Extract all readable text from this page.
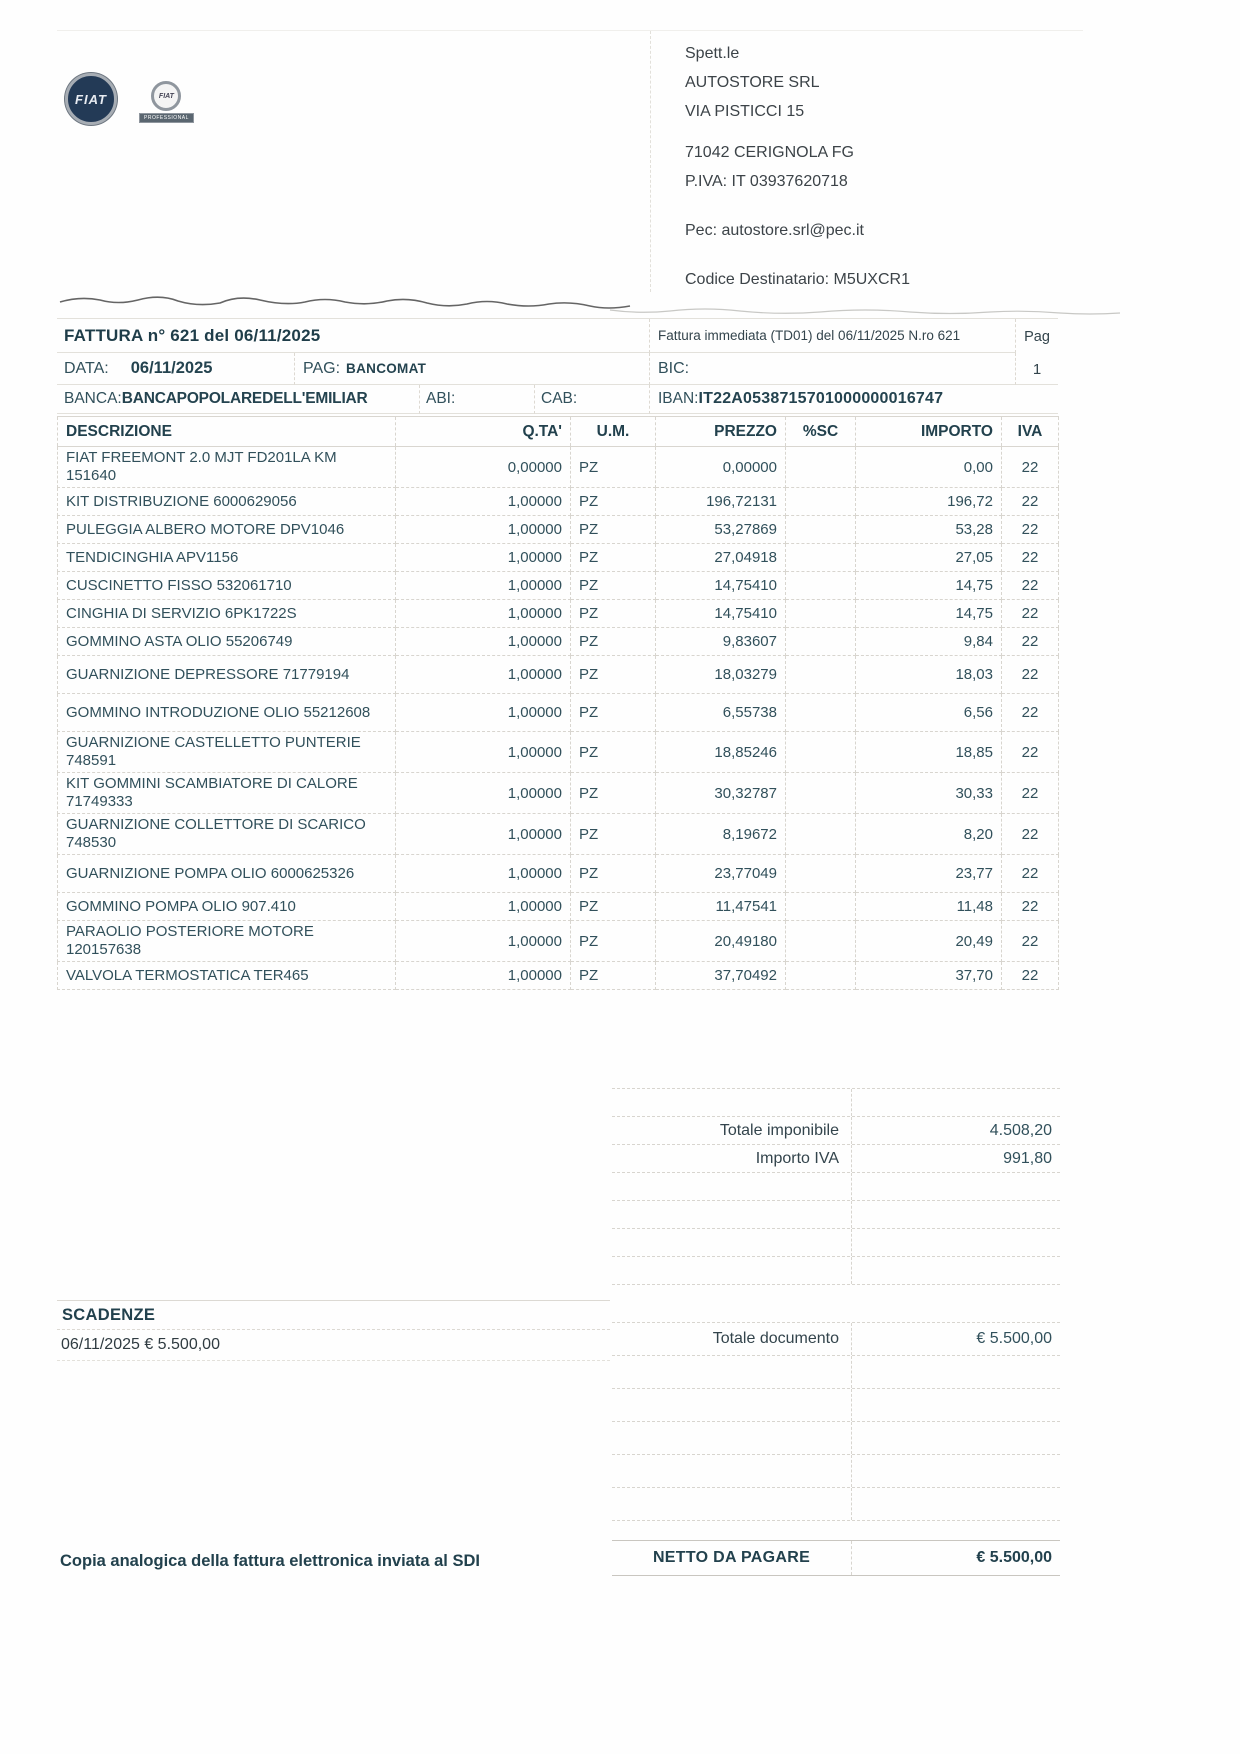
FIAT	FIAT
PROFESSIONAL
Spett.le
AUTOSTORE SRL
VIA PISTICCI 15
71042 CERIGNOLA FG
P.IVA: IT 03937620718
Pec: autostore.srl@pec.it
Codice Destinatario: M5UXCR1
FATTURA n° 621 del 06/11/2025	Fattura immediata (TD01) del 06/11/2025 N.ro 621
DATA: 06/11/2025	PAG: BANCOMAT	BIC:
Pag
1
BANCA: BANCAPOPOLAREDELL'EMILIAR	ABI:	CAB:	IBAN: IT22A0538715701000000016747
DESCRIZIONE	Q.TA'	U.M.	PREZZO	%SC	IMPORTO	IVA
FIAT FREEMONT 2.0 MJT FD201LA KM 151640	0,00000	PZ	0,00000		0,00	22
KIT DISTRIBUZIONE 6000629056	1,00000	PZ	196,72131		196,72	22
PULEGGIA ALBERO MOTORE DPV1046	1,00000	PZ	53,27869		53,28	22
TENDICINGHIA APV1156	1,00000	PZ	27,04918		27,05	22
CUSCINETTO FISSO 532061710	1,00000	PZ	14,75410		14,75	22
CINGHIA DI SERVIZIO 6PK1722S	1,00000	PZ	14,75410		14,75	22
GOMMINO ASTA OLIO 55206749	1,00000	PZ	9,83607		9,84	22
GUARNIZIONE DEPRESSORE 71779194	1,00000	PZ	18,03279		18,03	22
GOMMINO INTRODUZIONE OLIO 55212608	1,00000	PZ	6,55738		6,56	22
GUARNIZIONE CASTELLETTO PUNTERIE 748591	1,00000	PZ	18,85246		18,85	22
KIT GOMMINI SCAMBIATORE DI CALORE 71749333	1,00000	PZ	30,32787		30,33	22
GUARNIZIONE COLLETTORE DI SCARICO 748530	1,00000	PZ	8,19672		8,20	22
GUARNIZIONE POMPA OLIO 6000625326	1,00000	PZ	23,77049		23,77	22
GOMMINO POMPA OLIO 907.410	1,00000	PZ	11,47541		11,48	22
PARAOLIO POSTERIORE MOTORE 120157638	1,00000	PZ	20,49180		20,49	22
VALVOLA TERMOSTATICA TER465	1,00000	PZ	37,70492		37,70	22
Totale imponibile	4.508,20
Importo IVA	991,80
Totale documento	€ 5.500,00
NETTO DA PAGARE	€ 5.500,00
SCADENZE
06/11/2025 € 5.500,00
Copia analogica della fattura elettronica inviata al SDI
